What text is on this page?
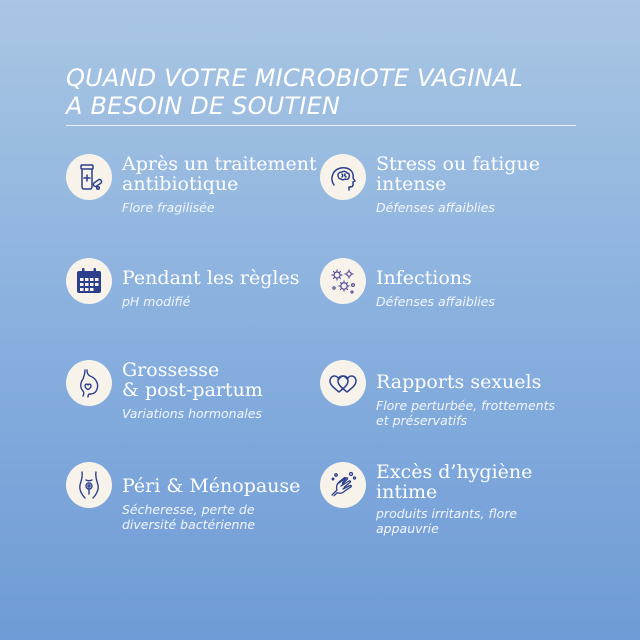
QUAND VOTRE MICROBIOTE VAGINAL
A BESOIN DE SOUTIEN
Après un traitement
antibiotique
Flore fragilisée
Stress ou fatigue
intense
Défenses affaiblies
Pendant les règles
pH modifié
Infections
Défenses affaiblies
Grossesse
& post-partum
Variations hormonales
Rapports sexuels
Flore perturbée, frottements
et préservatifs
Péri & Ménopause
Sécheresse, perte de
diversité bactérienne
Excès d’hygiène
intime
produits irritants, flore
appauvrie
